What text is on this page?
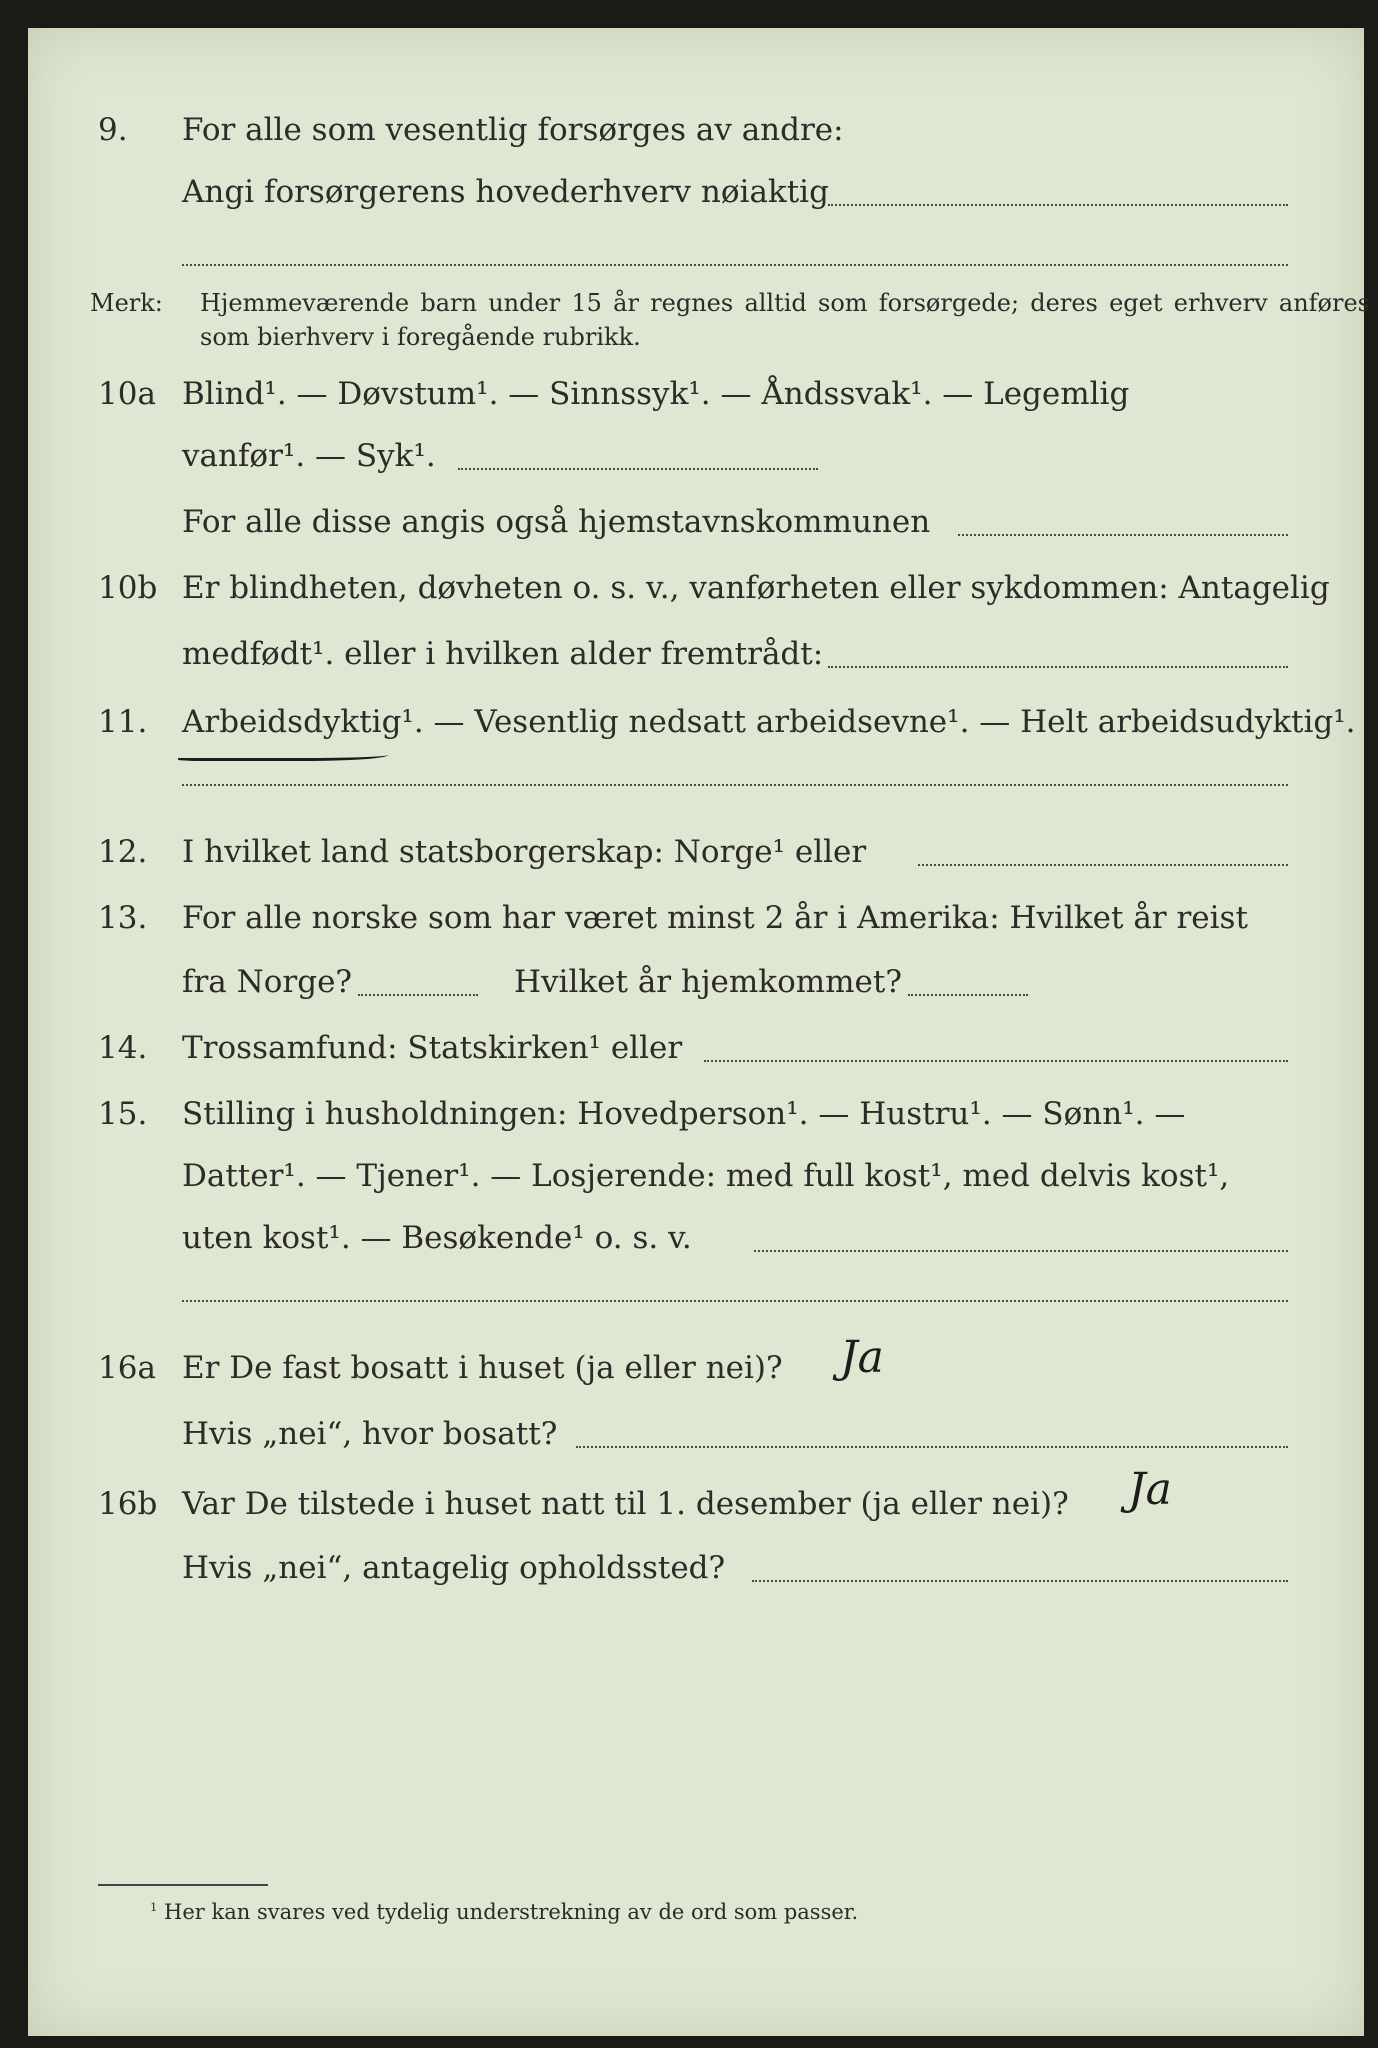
9. For alle som vesentlig forsørges av andre:
Angi forsørgerens hovederhverv nøiaktig
Merk: Hjemmeværende barn under 15 år regnes alltid som forsørgede; deres eget erhverv anføres som bierhverv i foregående rubrikk.
10a Blind¹. — Døvstum¹. — Sinnssyk¹. — Åndssvak¹. — Legemlig
vanfør¹. — Syk¹.
For alle disse angis også hjemstavnskommunen
10b Er blindheten, døvheten o. s. v., vanførheten eller sykdommen: Antagelig
medfødt¹. eller i hvilken alder fremtrådt:
11. Arbeidsdyktig¹. — Vesentlig nedsatt arbeidsevne¹. — Helt arbeidsudyktig¹.
12. I hvilket land statsborgerskap: Norge¹ eller
13. For alle norske som har været minst 2 år i Amerika: Hvilket år reist
fra Norge?	Hvilket år hjemkommet?
14. Trossamfund: Statskirken¹ eller
15. Stilling i husholdningen: Hovedperson¹. — Hustru¹. — Sønn¹. —
Datter¹. — Tjener¹. — Losjerende: med full kost¹, med delvis kost¹,
uten kost¹. — Besøkende¹ o. s. v.
16a Er De fast bosatt i huset (ja eller nei)? Ja
Hvis „nei“, hvor bosatt?
16b Var De tilstede i huset natt til 1. desember (ja eller nei)? Ja
Hvis „nei“, antagelig opholdssted?
$^1$ Her kan svares ved tydelig understrekning av de ord som passer.
